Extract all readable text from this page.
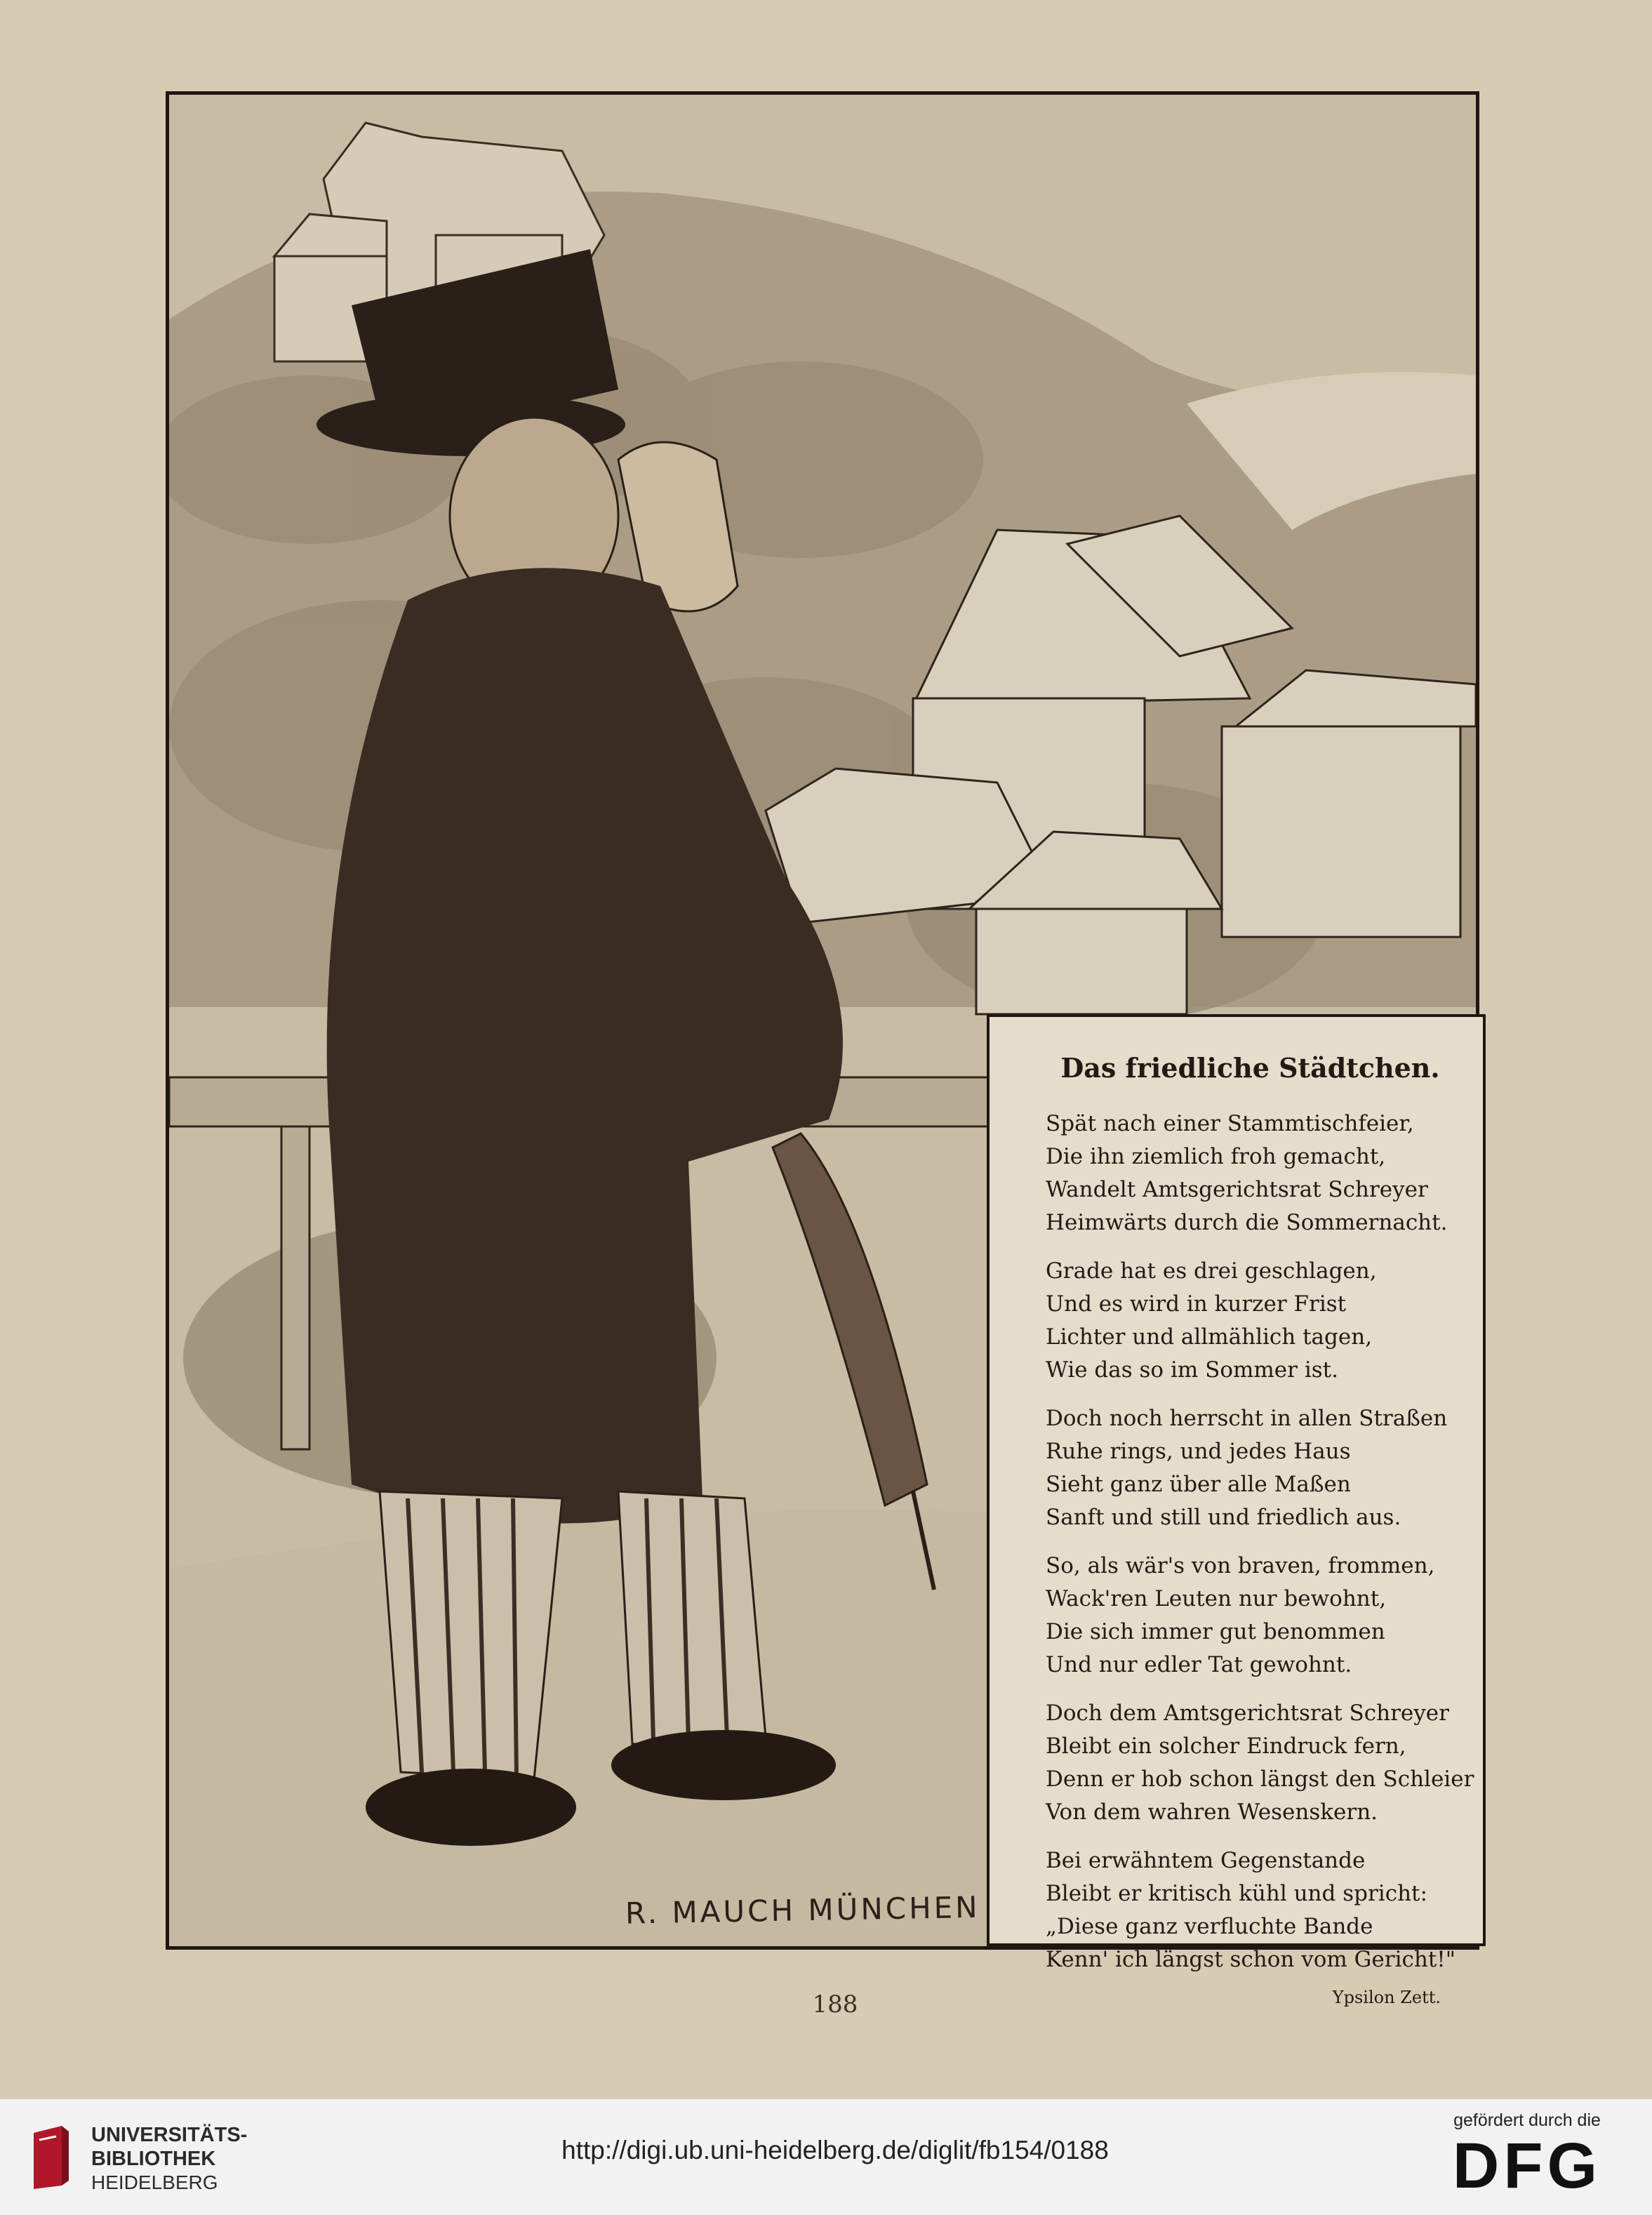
R. MAUCH MÜNCHEN
Das friedliche Städtchen.
Spät nach einer Stammtischfeier,
Die ihn ziemlich froh gemacht,
Wandelt Amtsgerichtsrat Schreyer
Heimwärts durch die Sommernacht.
Grade hat es drei geschlagen,
Und es wird in kurzer Frist
Lichter und allmählich tagen,
Wie das so im Sommer ist.
Doch noch herrscht in allen Straßen
Ruhe rings, und jedes Haus
Sieht ganz über alle Maßen
Sanft und still und friedlich aus.
So, als wär's von braven, frommen,
Wack'ren Leuten nur bewohnt,
Die sich immer gut benommen
Und nur edler Tat gewohnt.
Doch dem Amtsgerichtsrat Schreyer
Bleibt ein solcher Eindruck fern,
Denn er hob schon längst den Schleier
Von dem wahren Wesenskern.
Bei erwähntem Gegenstande
Bleibt er kritisch kühl und spricht:
„Diese ganz verfluchte Bande
Kenn' ich längst schon vom Gericht!"
Ypsilon Zett.
188
UNIVERSITÄTS-
BIBLIOTHEK
HEIDELBERG
http://digi.ub.uni-heidelberg.de/diglit/fb154/0188
gefördert durch die
DFG
